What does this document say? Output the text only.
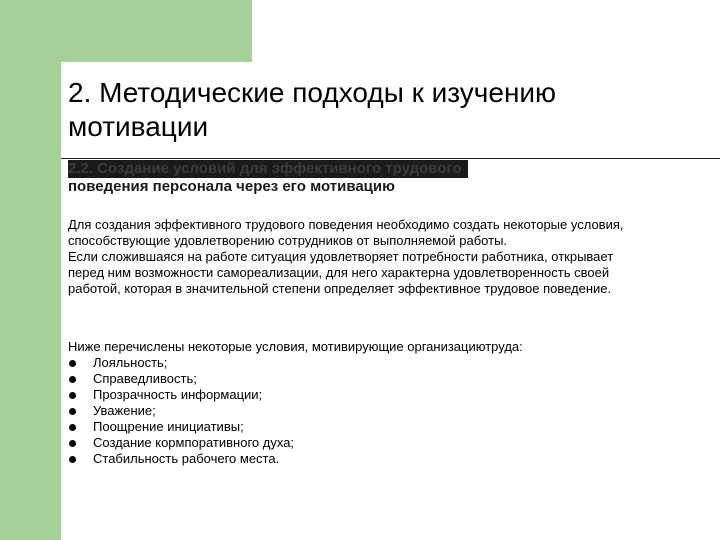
2. Методические подходы к изучению мотивации
2.2. Создание условий для эффективного трудового
поведения персонала через его мотивацию

Для создания эффективного трудового поведения необходимо создать некоторые условия, способствующие удовлетворению сотрудников от выполняемой работы.

Если сложившаяся на работе ситуация удовлетворяет потребности работника, открывает перед ним возможности самореализации, для него характерна удовлетворенность своей работой, которая в значительной степени определяет эффективное трудовое поведение.

Ниже перечислены некоторые условия, мотивирующие организациютруда:

Лояльность;
Справедливость;
Прозрачность информации;
Уважение;
Поощрение инициативы;
Создание кормпоративного духа;
Стабильность рабочего места.
